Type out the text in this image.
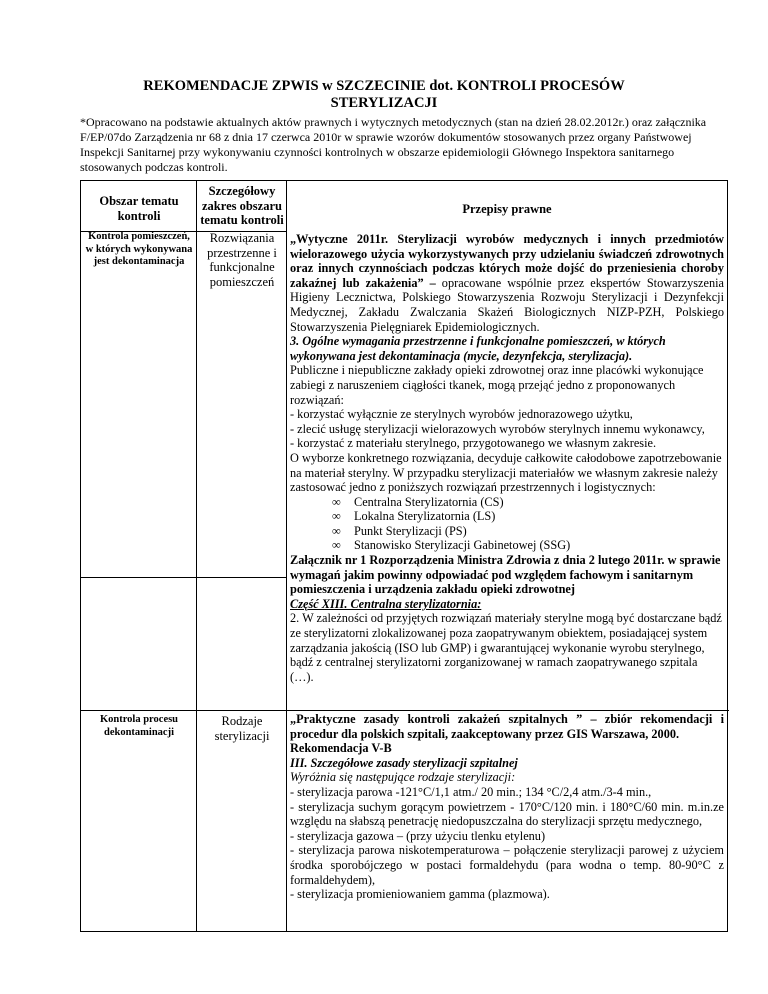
REKOMENDACJE ZPWIS w SZCZECINIE dot. KONTROLI PROCESÓW STERYLIZACJI
*Opracowano na podstawie aktualnych aktów prawnych i wytycznych metodycznych (stan na dzień 28.02.2012r.) oraz załącznika F/EP/07do Zarządzenia nr 68 z dnia 17 czerwca 2010r w sprawie wzorów dokumentów stosowanych przez organy Państwowej Inspekcji Sanitarnej przy wykonywaniu czynności kontrolnych w obszarze epidemiologii Głównego Inspektora sanitarnego stosowanych podczas kontroli.
Obszar tematu kontroli
Szczegółowy zakres obszaru tematu kontroli
Przepisy prawne
Kontrola pomieszczeń, w których wykonywana jest dekontaminacja
Rozwiązania przestrzenne i funkcjonalne pomieszczeń

„Wytyczne 2011r. Sterylizacji wyrobów medycznych i innych przedmiotów wielorazowego użycia wykorzystywanych przy udzielaniu świadczeń zdrowotnych oraz innych czynnościach podczas których może dojść do przeniesienia choroby zakaźnej lub zakażenia” – opracowane wspólnie przez ekspertów Stowarzyszenia Higieny Lecznictwa, Polskiego Stowarzyszenia Rozwoju Sterylizacji i Dezynfekcji Medycznej, Zakładu Zwalczania Skażeń Biologicznych NIZP-PZH, Polskiego Stowarzyszenia Pielęgniarek Epidemiologicznych.

3. Ogólne wymagania przestrzenne i funkcjonalne pomieszczeń, w których wykonywana jest dekontaminacja (mycie, dezynfekcja, sterylizacja).

Publiczne i niepubliczne zakłady opieki zdrowotnej oraz inne placówki wykonujące zabiegi z naruszeniem ciągłości tkanek, mogą przejąć jedno z proponowanych rozwiązań:

- korzystać wyłącznie ze sterylnych wyrobów jednorazowego użytku,

- zlecić usługę sterylizacji wielorazowych wyrobów sterylnych innemu wykonawcy,

- korzystać z materiału sterylnego, przygotowanego we własnym zakresie.

O wyborze konkretnego rozwiązania, decyduje całkowite całodobowe zapotrzebowanie na materiał sterylny. W przypadku sterylizacji materiałów we własnym zakresie należy zastosować jedno z poniższych rozwiązań przestrzennych i logistycznych:

∞ Centralna Sterylizatornia (CS)

∞ Lokalna Sterylizatornia (LS)

∞ Punkt Sterylizacji (PS)

∞ Stanowisko Sterylizacji Gabinetowej (SSG)

Załącznik nr 1 Rozporządzenia Ministra Zdrowia z dnia 2 lutego 2011r. w sprawie wymagań jakim powinny odpowiadać pod względem fachowym i sanitarnym pomieszczenia i urządzenia zakładu opieki zdrowotnej

Część XIII. Centralna sterylizatornia:

2. W zależności od przyjętych rozwiązań materiały sterylne mogą być dostarczane bądź ze sterylizatorni zlokalizowanej poza zaopatrywanym obiektem, posiadającej system zarządzania jakością (ISO lub GMP) i gwarantującej wykonanie wyrobu sterylnego, bądź z centralnej sterylizatorni zorganizowanej w ramach zaopatrywanego szpitala (…).

Kontrola procesu dekontaminacji
Rodzaje sterylizacji

„Praktyczne zasady kontroli zakażeń szpitalnych ” – zbiór rekomendacji i procedur dla polskich szpitali, zaakceptowany przez GIS Warszawa, 2000.

Rekomendacja V-B

III. Szczegółowe zasady sterylizacji szpitalnej

Wyróżnia się następujące rodzaje sterylizacji:

- sterylizacja parowa -121°C/1,1 atm./ 20 min.; 134 °C/2,4 atm./3-4 min.,

- sterylizacja suchym gorącym powietrzem - 170°C/120 min. i 180°C/60 min. m.in.ze względu na słabszą penetrację niedopuszczalna do sterylizacji sprzętu medycznego,

- sterylizacja gazowa – (przy użyciu tlenku etylenu)

- sterylizacja parowa niskotemperaturowa – połączenie sterylizacji parowej z użyciem środka sporobójczego w postaci formaldehydu (para wodna o temp. 80-90°C z formaldehydem),

- sterylizacja promieniowaniem gamma (plazmowa).
